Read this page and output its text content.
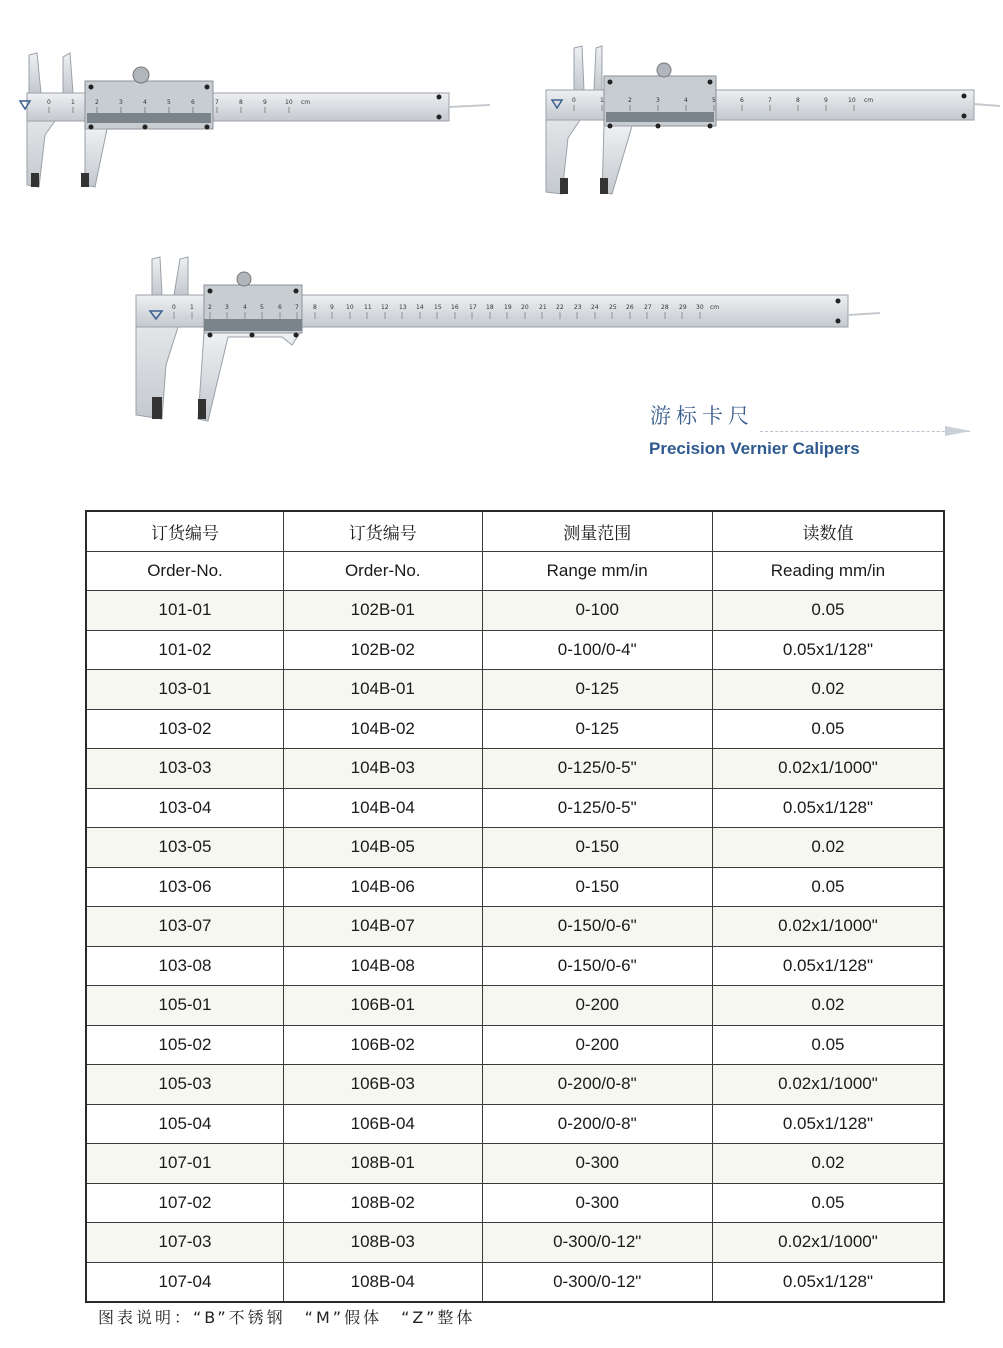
0	1	2	3	4	5	6	7	8	9	10 cm	0	1	2	3	4	5	6	7	8	9	10 cm
0 1 2 3 4 5 6 7 8 9 10 11 12 13 14 15 16 17 18 19 20 21 22 23 24 25 26 27 28 29 30 cm
游标卡尺
Precision Vernier Calipers
订货编号	订货编号	测量范围	读数值
Order-No.	Order-No.	Range mm/in	Reading mm/in
101-01	102B-01	0-100	0.05
101-02	102B-02	0-100/0-4"	0.05x1/128"
103-01	104B-01	0-125	0.02
103-02	104B-02	0-125	0.05
103-03	104B-03	0-125/0-5"	0.02x1/1000"
103-04	104B-04	0-125/0-5"	0.05x1/128"
103-05	104B-05	0-150	0.02
103-06	104B-06	0-150	0.05
103-07	104B-07	0-150/0-6"	0.02x1/1000"
103-08	104B-08	0-150/0-6"	0.05x1/128"
105-01	106B-01	0-200	0.02
105-02	106B-02	0-200	0.05
105-03	106B-03	0-200/0-8"	0.02x1/1000"
105-04	106B-04	0-200/0-8"	0.05x1/128"
107-01	108B-01	0-300	0.02
107-02	108B-02	0-300	0.05
107-03	108B-03	0-300/0-12"	0.02x1/1000"
107-04	108B-04	0-300/0-12"	0.05x1/128"
图表说明：“B”不锈钢　“M”假体　“Z”整体
